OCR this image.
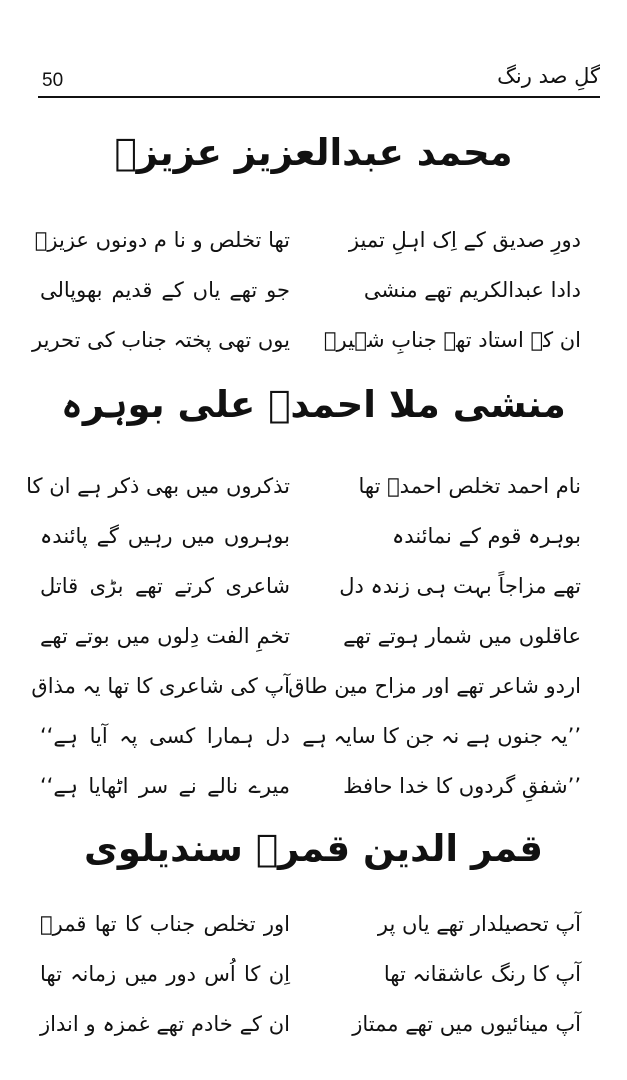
50	گلِ صد رنگ
محمد عبدالعزیز عزیزؔ
دورِ صدیق کے اِک اہلِ تمیز
تھا تخلص و نا م دونوں عزیزؔ
دادا عبدالکریم تھے منشی
جو تھے یاں کے قدیم بھوپالی
ان کے استاد تھے جنابِ شہیرؔ
یوں تھی پختہ جناب کی تحریر
منشی ملا احمدؔ علی بوہرہ
نام احمد تخلص احمدؔ تھا
تذکروں میں بھی ذکر ہے ان کا
بوہرہ قوم کے نمائندہ
بوہروں میں رہیں گے پائندہ
تھے مزاجاً بہت ہی زندہ دل
شاعری کرتے تھے بڑی قاتل
عاقلوں میں شمار ہوتے تھے
تخمِ الفت دِلوں میں بوتے تھے
اردو شاعر تھے اور مزاح مین طاق
آپ کی شاعری کا تھا یہ مذاق
’’یہ جنوں ہے نہ جن کا سایہ ہے
دل ہمارا کسی پہ آیا ہے‘‘
’’شفقِ گردوں کا خدا حافظ
میرے نالے نے سر اٹھایا ہے‘‘
قمر الدین قمرؔ سندیلوی
آپ تحصیلدار تھے یاں پر
اور تخلص جناب کا تھا قمرؔ
آپ کا رنگ عاشقانہ تھا
اِن کا اُس دور میں زمانہ تھا
آپ مینائیوں میں تھے ممتاز
ان کے خادم تھے غمزہ و انداز
